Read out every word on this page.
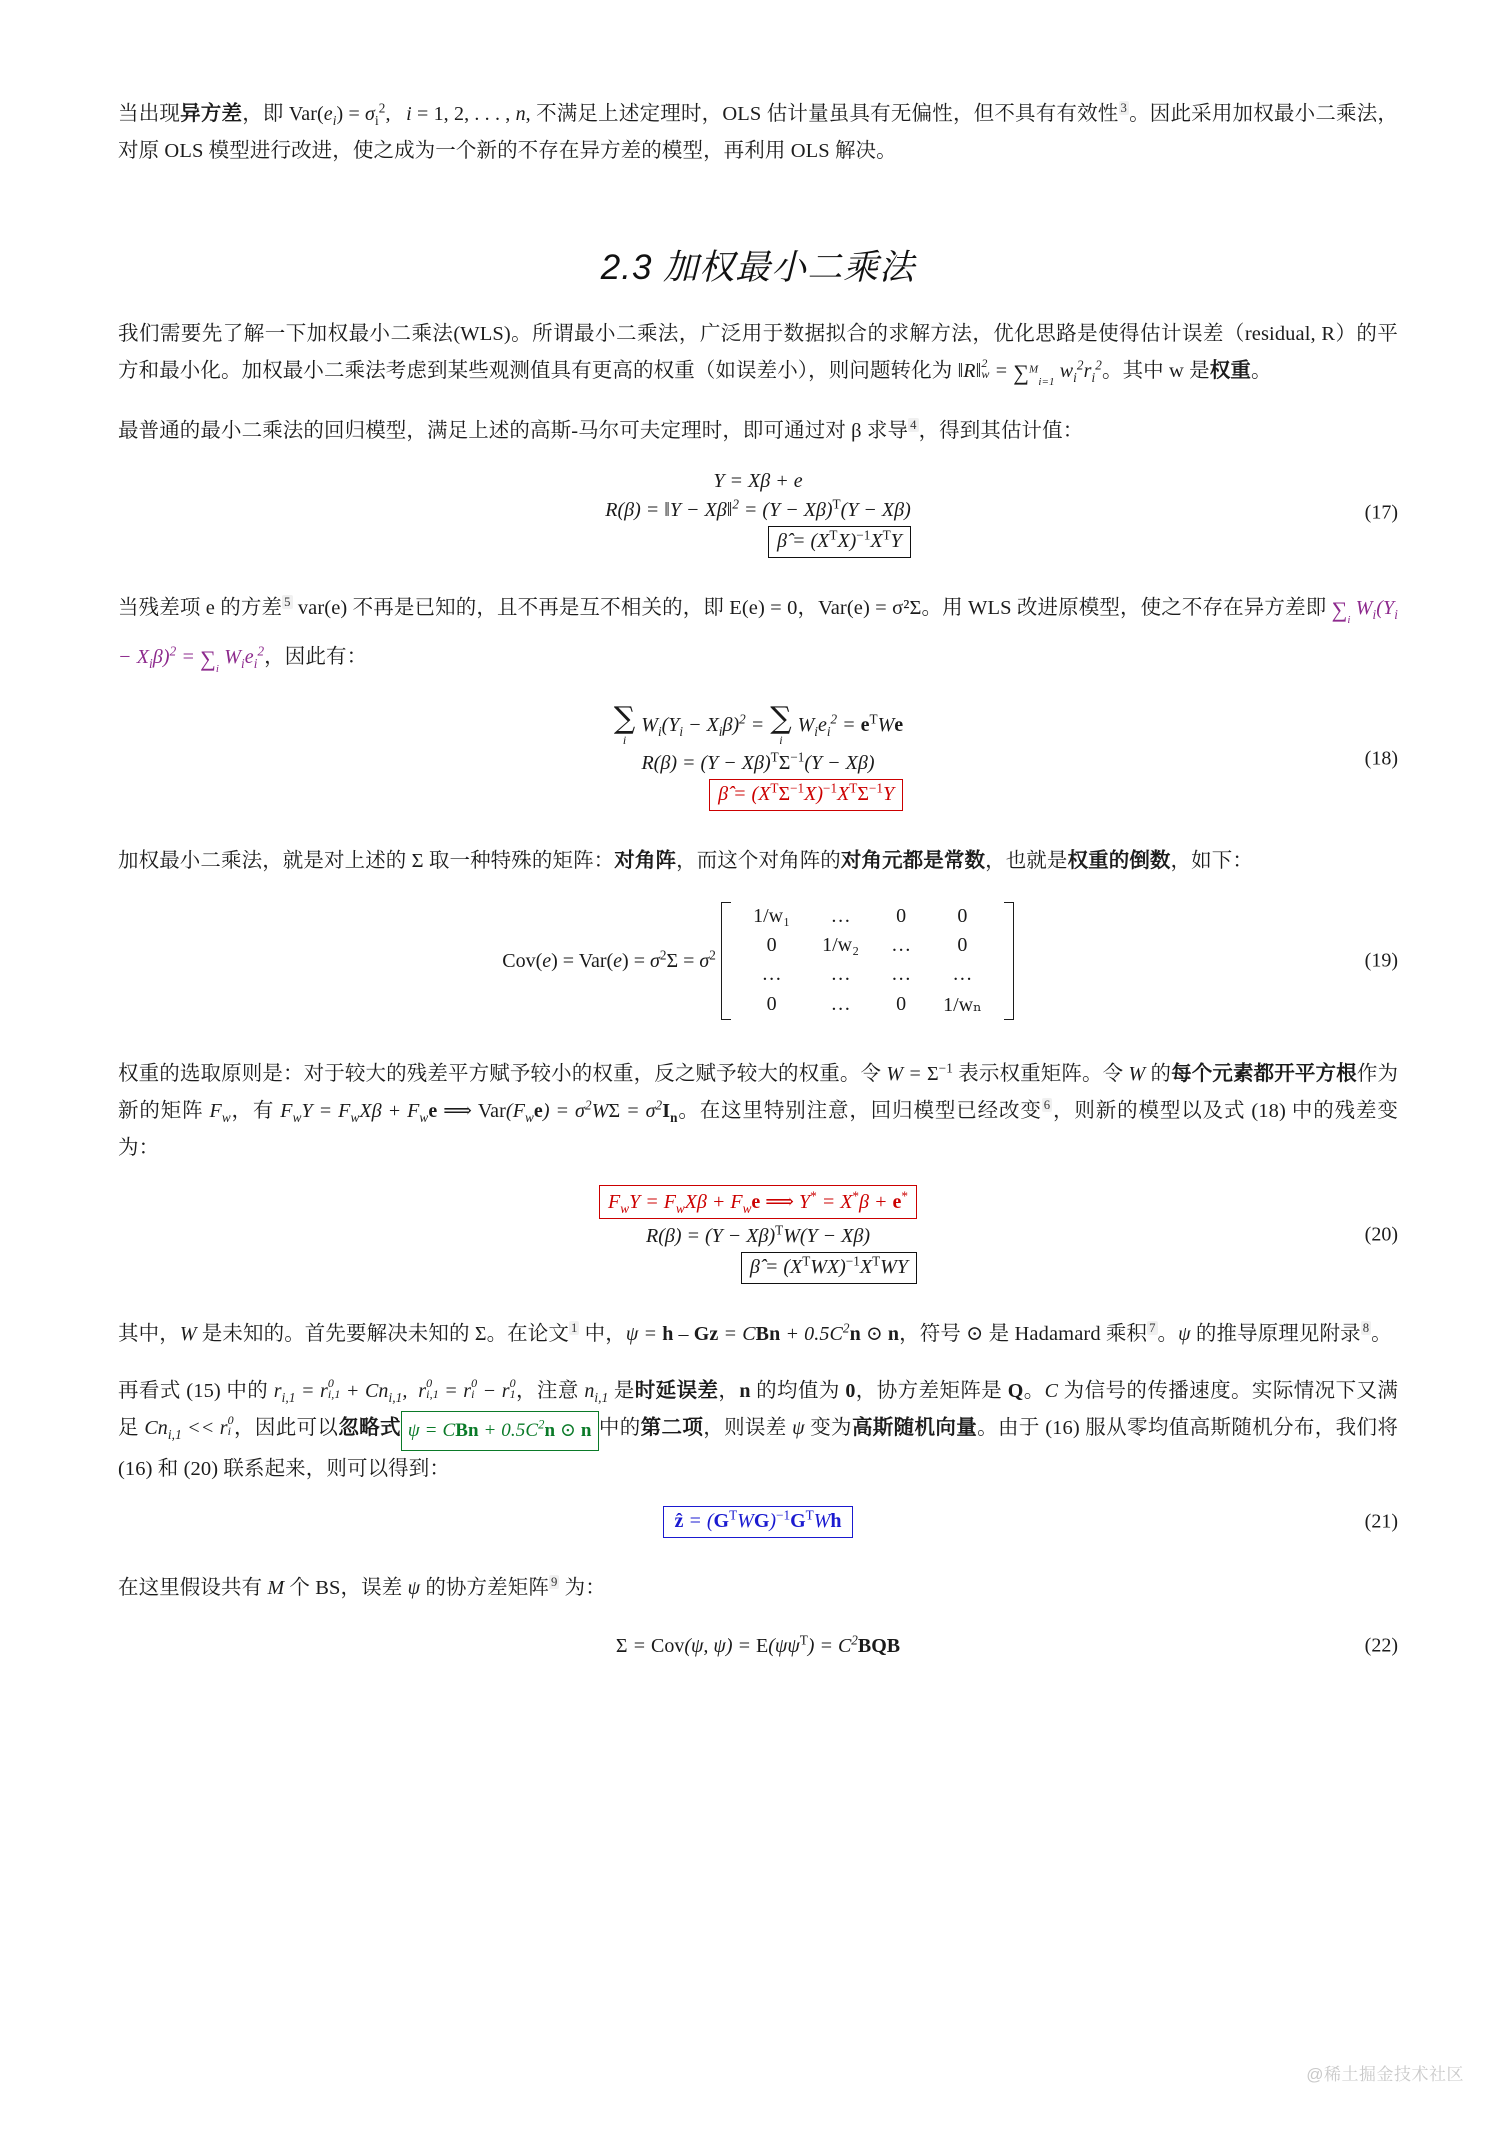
当出现异方差，即 $Var(e_i) = \sigma_i^2$,   i = 1, 2, . . . , n, 不满足上述定理时，OLS 估计量虽具有无偏性，但不具有有效性 $^3$。因此采用加权最小二乘法，对原 OLS 模型进行改进，使之成为一个新的不存在异方差的模型，再利用 OLS 解决。

2.3 加权最小二乘法

我们需要先了解一下加权最小二乘法(WLS)。所谓最小二乘法，广泛用于数据拟合的求解方法，优化思路是使得估计误差（residual, R）的平方和最小化。加权最小二乘法考虑到某些观测值具有更高的权重（如误差小），则问题转化为 ‖R‖ 2
w = ∑$^M_{i=1}$ $w_i^2r_i^2$。其中 w 是权重。

最普通的最小二乘法的回归模型，满足上述的高斯-马尔可夫定理时，即可通过对 β 求导 $^4$，得到其估计值：

Y = Xβ + e
R(β) = ‖Y − Xβ‖$^2$ = $(Y - X\beta)^T(Y - X\beta)$
β̂ = $(X^TX)^{-1}X^TY$
(17)

当残差项 e 的方差 $^5$ var(e) 不再是已知的，且不再是互不相关的，即 E(e) = 0，Var(e) = σ²Σ。用 WLS 改进原模型，使之不存在异方差即 $\sum_i$ $W_i(Y_i - X_i\beta)^2 = \sum_i$ $W_ie_i^2$，因此有：

∑
i
$W_i(Y_i - X_i\beta)^2$ = ∑
i
$W_ie_i^2 = e^TWe$
$R(\beta) = (Y - X\beta)^T\Sigma^{-1}(Y - X\beta)$
β̂ = $(X^T\Sigma^{-1}X)^{-1}X^T\Sigma^{-1}Y$
(18)

加权最小二乘法，就是对上述的 Σ 取一种特殊的矩阵：对角阵，而这个对角阵的对角元都是常数，也就是权重的倒数，如下：

$Cov(e) = Var(e) = \sigma^2\Sigma = \sigma^2$
1/w₁	…	0	0
0	1/w₂	…	0
…	…	…	…
0	…	0	1/wₙ
(19)

权重的选取原则是：对于较大的残差平方赋予较小的权重，反之赋予较大的权重。令 $W = \Sigma^{-1}$ 表示权重矩阵。令 W 的每个元素都开平方根作为新的矩阵 $F_w$，有 $F_wY = F_wX\beta + F_we$ ⟹ $Var(F_we) = \sigma^2W\Sigma = \sigma^2I_n$。在这里特别注意，回归模型已经改变 $^6$，则新的模型以及式 (18) 中的残差变为：

$F_wY = F_wX\beta + F_we$ ⟹ Y* = X*β + e*
$R(\beta) = (Y - X\beta)^TW(Y - X\beta)$
β̂ = $(X^TWX)^{-1}X^TWY$
(20)

其中，W 是未知的。首先要解决未知的 Σ。在论文 $^1$ 中，ψ = h – Gz = CBn + $0.5C^2n$ ⊙ n，符号 ⊙ 是 Hadamard 乘积 $^7$。ψ 的推导原理见附录 $^8$。

再看式 (15) 中的 $r_{i,1} = r$ 0
$i,1 + Cn_{i,1}$,  r 0
i,1 = r 0
i − r 0
1 ，注意 $n_{i,1}$ 是时延误差，n 的均值为 0，协方差矩阵是 Q。C 为信号的传播速度。实际情况下又满足 $Cn_{i,1} << r$ 0
i ，因此可以忽略式 ψ = CBn + $0.5C^2n$ ⊙ n 中的第二项，则误差 ψ 变为高斯随机向量。由于 (16) 服从零均值高斯随机分布，我们将 (16) 和 (20) 联系起来，则可以得到：

ẑ = $(G^TWG)^{-1}G^TWh$	(21)

在这里假设共有 M 个 BS，误差 ψ 的协方差矩阵 $^9$ 为：

Σ = Cov(ψ, $\psi) = E(\psi\psi^T) = C^2BQB$	(22)
@稀土掘金技术社区
